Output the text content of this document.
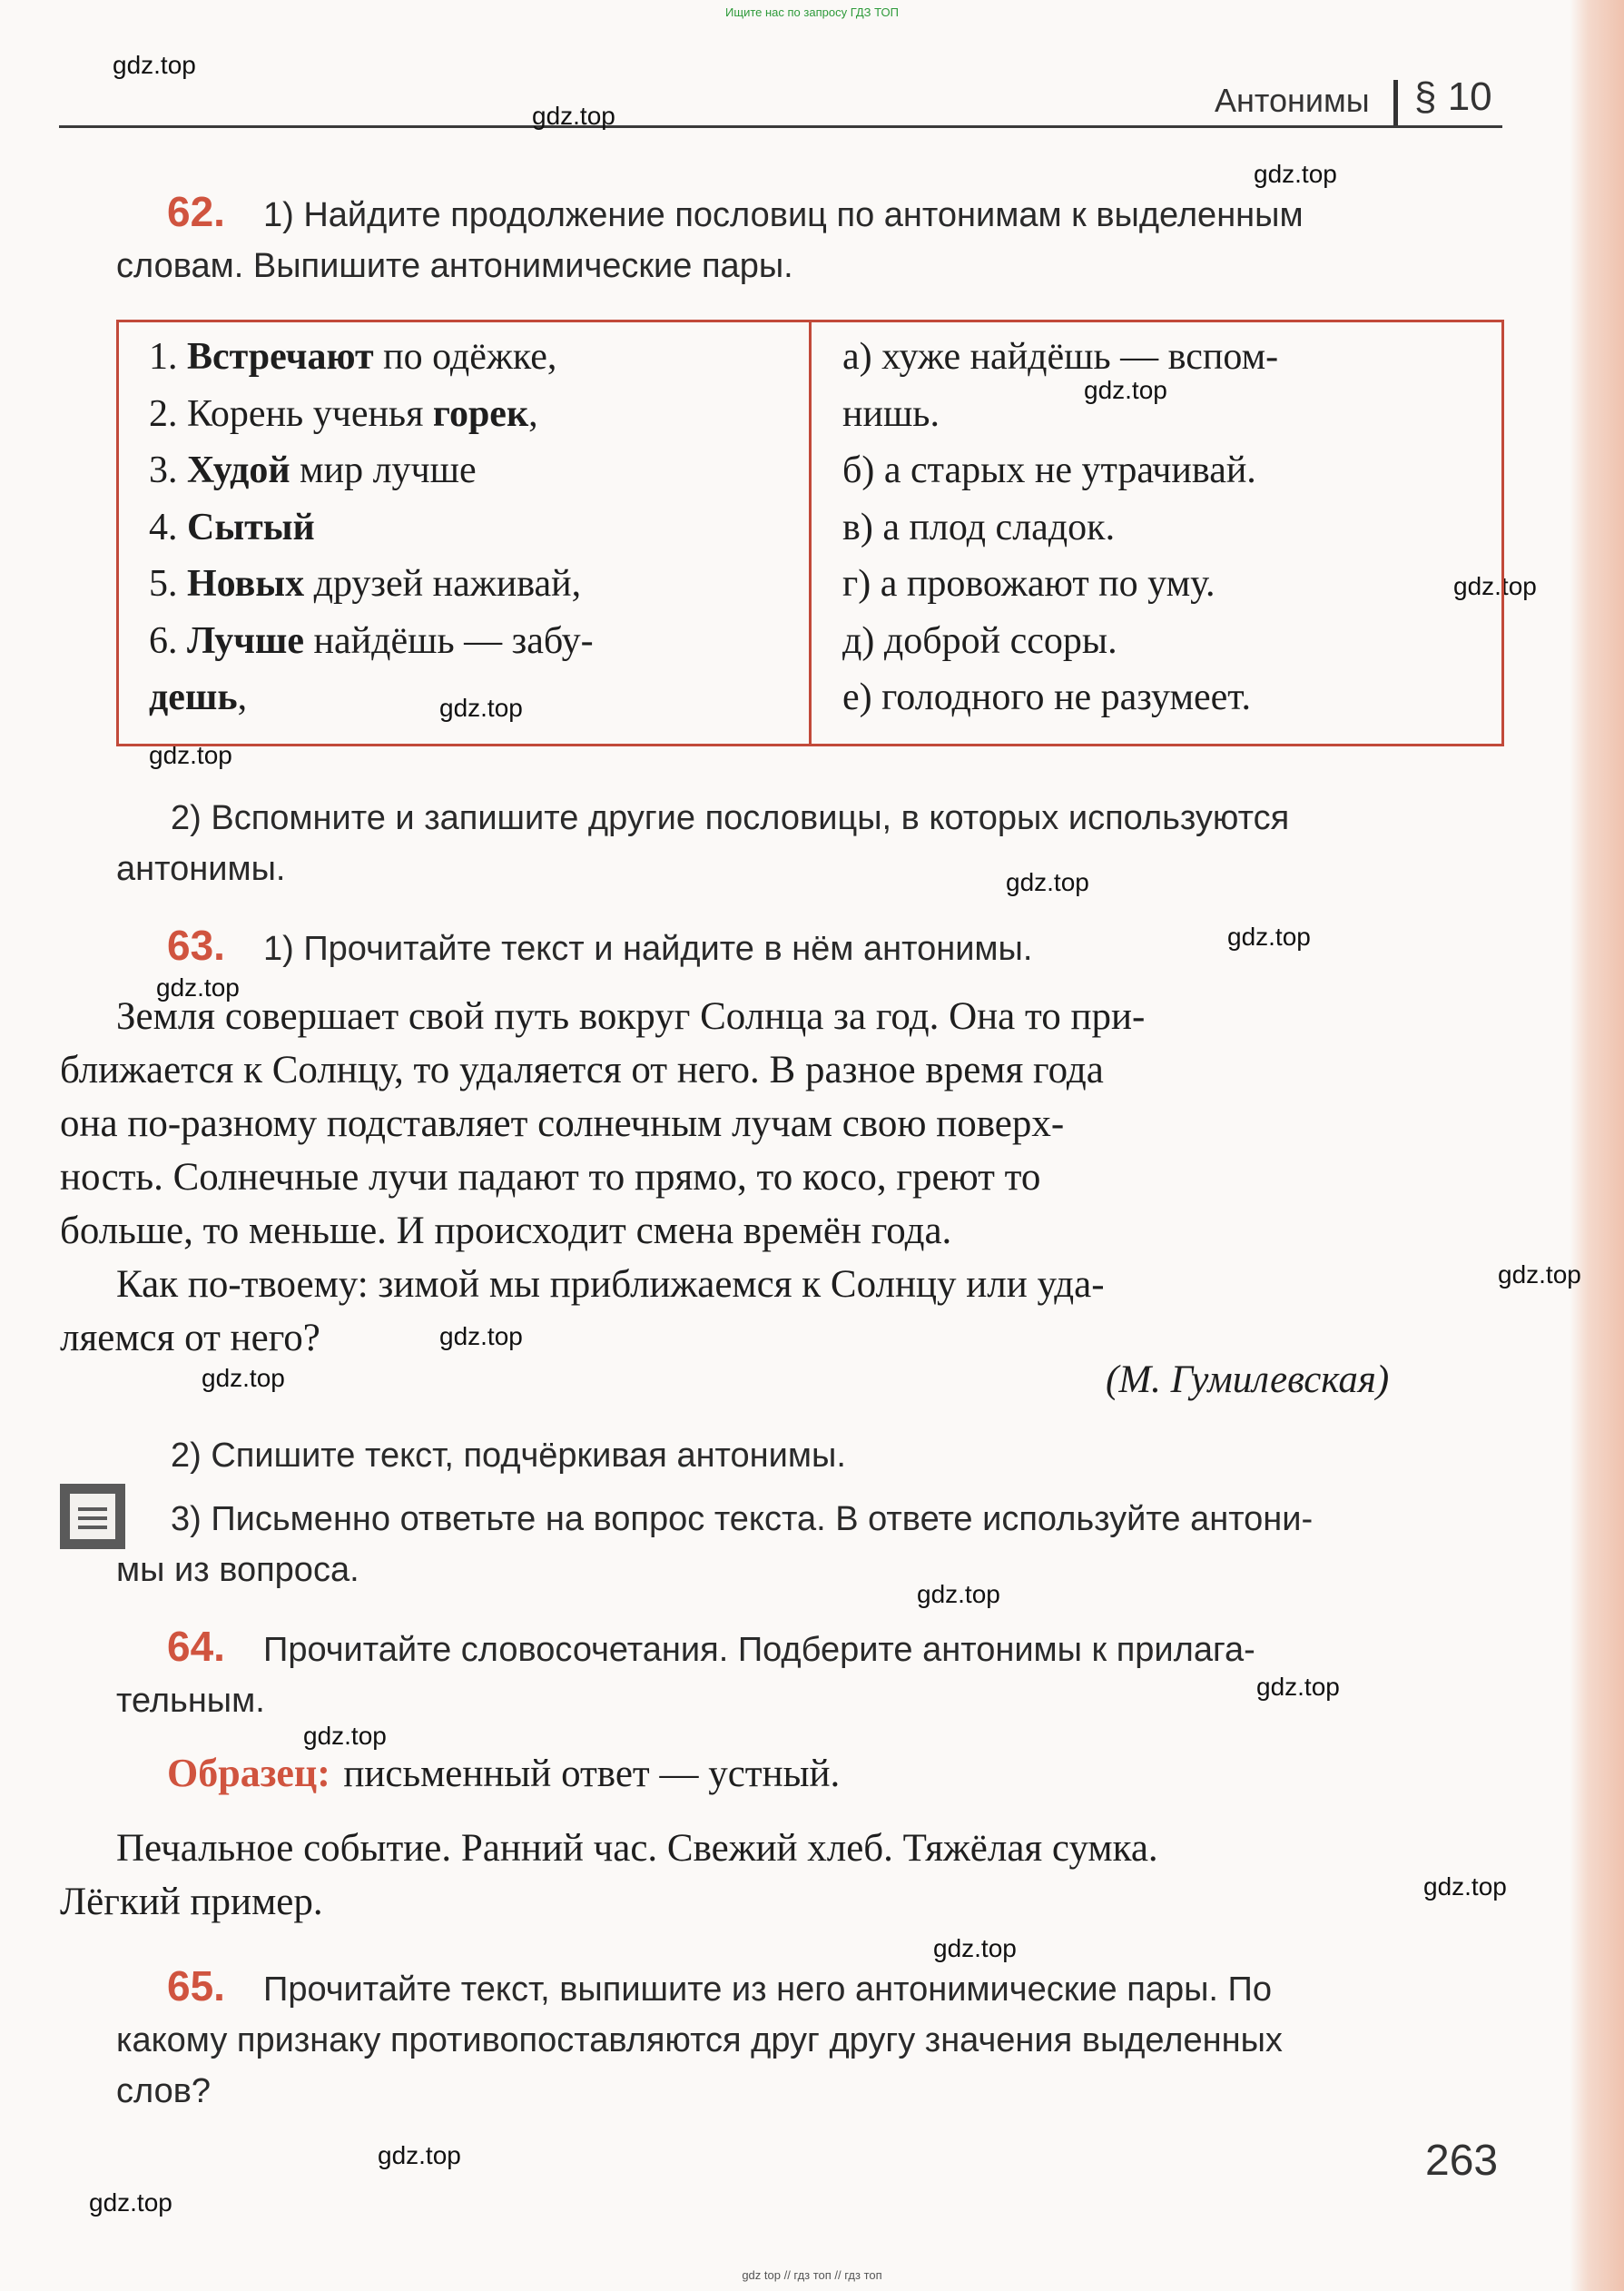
Ищите нас по запросу ГДЗ ТОП
Антонимы § 10
gdz.top
gdz.top
gdz.top
gdz.top
gdz.top
gdz.top
gdz.top
gdz.top
gdz.top
gdz.top
gdz.top
gdz.top
gdz.top
gdz.top
gdz.top
gdz.top
gdz.top
gdz.top
gdz.top
gdz.top
62. 1) Найдите продолжение пословиц по антонимам к выделенным
словам. Выпишите антонимические пары.
1. Встречают по одёжке,
2. Корень ученья горек,
3. Худой мир лучше
4. Сытый
5. Новых друзей наживай,
6. Лучше найдёшь — забу-
дешь,
а) хуже найдёшь — вспом-
нишь.
б) а старых не утрачивай.
в) а плод сладок.
г) а провожают по уму.
д) доброй ссоры.
е) голодного не разумеет.
2) Вспомните и запишите другие пословицы, в которых используются
антонимы.
63. 1) Прочитайте текст и найдите в нём антонимы.
Земля совершает свой путь вокруг Солнца за год. Она то при-
ближается к Солнцу, то удаляется от него. В разное время года
она по-разному подставляет солнечным лучам свою поверх-
ность. Солнечные лучи падают то прямо, то косо, греют то
больше, то меньше. И происходит смена времён года.
Как по-твоему: зимой мы приближаемся к Солнцу или уда-
ляемся от него?
(М. Гумилевская)
2) Спишите текст, подчёркивая антонимы.
3) Письменно ответьте на вопрос текста. В ответе используйте антони-
мы из вопроса.
64. Прочитайте словосочетания. Подберите антонимы к прилага-
тельным.
Образец: письменный ответ — устный.
Печальное событие. Ранний час. Свежий хлеб. Тяжёлая сумка.
Лёгкий пример.
65. Прочитайте текст, выпишите из него антонимические пары. По
какому признаку противопоставляются друг другу значения выделенных
слов?
263
gdz top // гдз топ // гдз топ
